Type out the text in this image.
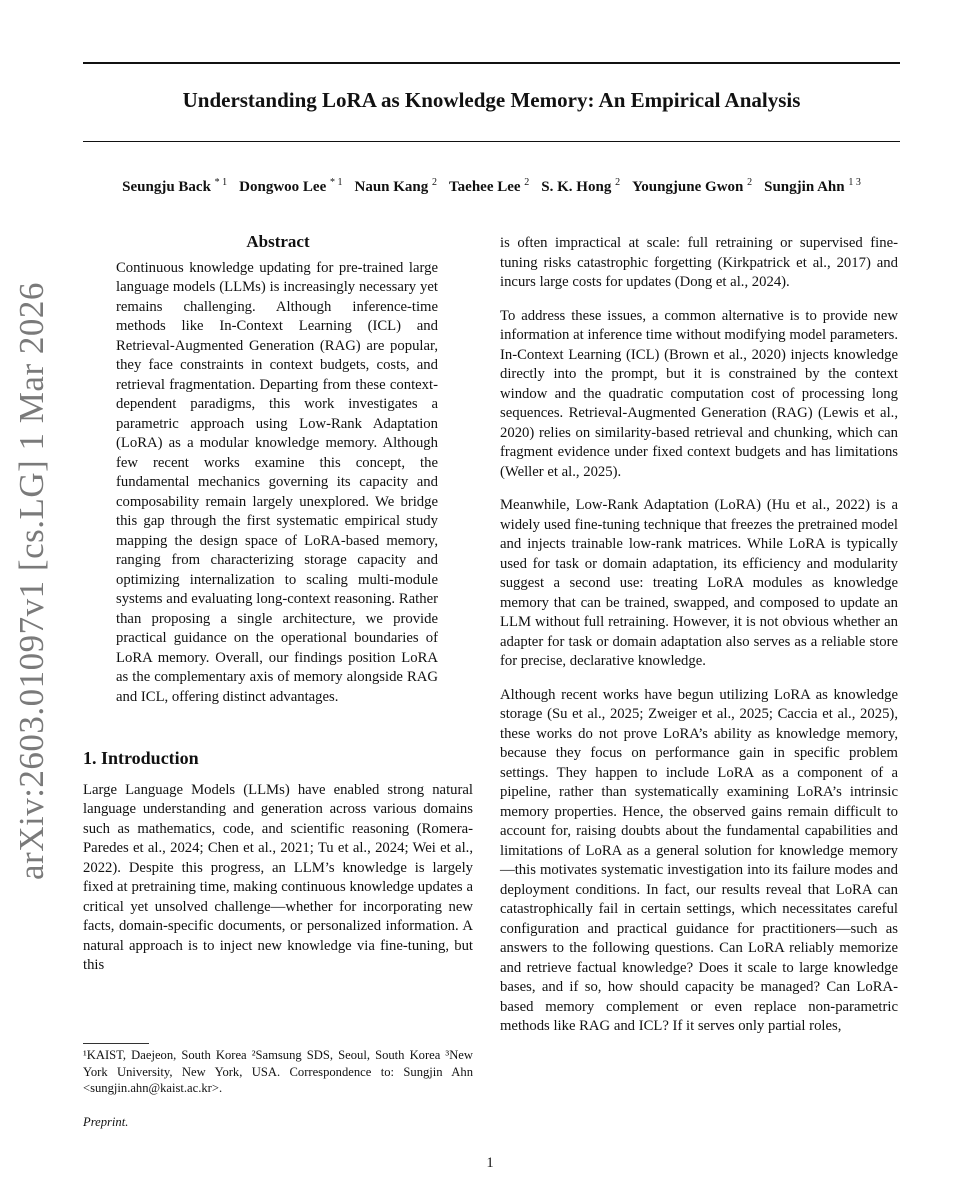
Understanding LoRA as Knowledge Memory: An Empirical Analysis
Seungju Back $^{* 1}$ Dongwoo Lee $^{* 1}$ Naun Kang $^2$ Taehee Lee $^2$ S. K. Hong $^2$ Youngjune Gwon $^2$ Sungjin Ahn $^{1 3}$
arXiv:2603.01097v1 [cs.LG] 1 Mar 2026
Abstract

Continuous knowledge updating for pre-trained large language models (LLMs) is increasingly necessary yet remains challenging. Although inference-time methods like In-Context Learning (ICL) and Retrieval-Augmented Generation (RAG) are popular, they face constraints in context budgets, costs, and retrieval fragmentation. Departing from these context-dependent paradigms, this work investigates a parametric approach using Low-Rank Adaptation (LoRA) as a modular knowledge memory. Although few recent works examine this concept, the fundamental mechanics governing its capacity and composability remain largely unexplored. We bridge this gap through the first systematic empirical study mapping the design space of LoRA-based memory, ranging from characterizing storage capacity and optimizing internalization to scaling multi-module systems and evaluating long-context reasoning. Rather than proposing a single architecture, we provide practical guidance on the operational boundaries of LoRA memory. Overall, our findings position LoRA as the complementary axis of memory alongside RAG and ICL, offering distinct advantages.

1. Introduction

Large Language Models (LLMs) have enabled strong natural language understanding and generation across various domains such as mathematics, code, and scientific reasoning (Romera-Paredes et al., 2024; Chen et al., 2021; Tu et al., 2024; Wei et al., 2022). Despite this progress, an LLM’s knowledge is largely fixed at pretraining time, making continuous knowledge updates a critical yet unsolved challenge—whether for incorporating new facts, domain-specific documents, or personalized information. A natural approach is to inject new knowledge via fine-tuning, but this

is often impractical at scale: full retraining or supervised fine-tuning risks catastrophic forgetting (Kirkpatrick et al., 2017) and incurs large costs for updates (Dong et al., 2024).

To address these issues, a common alternative is to provide new information at inference time without modifying model parameters. In-Context Learning (ICL) (Brown et al., 2020) injects knowledge directly into the prompt, but it is constrained by the context window and the quadratic computation cost of processing long sequences. Retrieval-Augmented Generation (RAG) (Lewis et al., 2020) relies on similarity-based retrieval and chunking, which can fragment evidence under fixed context budgets and has limitations (Weller et al., 2025).

Meanwhile, Low-Rank Adaptation (LoRA) (Hu et al., 2022) is a widely used fine-tuning technique that freezes the pretrained model and injects trainable low-rank matrices. While LoRA is typically used for task or domain adaptation, its efficiency and modularity suggest a second use: treating LoRA modules as knowledge memory that can be trained, swapped, and composed to update an LLM without full retraining. However, it is not obvious whether an adapter for task or domain adaptation also serves as a reliable store for precise, declarative knowledge.

Although recent works have begun utilizing LoRA as knowledge storage (Su et al., 2025; Zweiger et al., 2025; Caccia et al., 2025), these works do not prove LoRA’s ability as knowledge memory, because they focus on performance gain in specific problem settings. They happen to include LoRA as a component of a pipeline, rather than systematically examining LoRA’s intrinsic memory properties. Hence, the observed gains remain difficult to account for, raising doubts about the fundamental capabilities and limitations of LoRA as a general solution for knowledge memory—this motivates systematic investigation into its failure modes and deployment conditions. In fact, our results reveal that LoRA can catastrophically fail in certain settings, which necessitates careful configuration and practical guidance for practitioners—such as answers to the following questions. Can LoRA reliably memorize and retrieve factual knowledge? Does it scale to large knowledge bases, and if so, how should capacity be managed? Can LoRA-based memory complement or even replace non-parametric methods like RAG and ICL? If it serves only partial roles,

¹KAIST, Daejeon, South Korea ²Samsung SDS, Seoul, South Korea ³New York University, New York, USA. Correspondence to: Sungjin Ahn <sungjin.ahn@kaist.ac.kr>.
Preprint.
1
